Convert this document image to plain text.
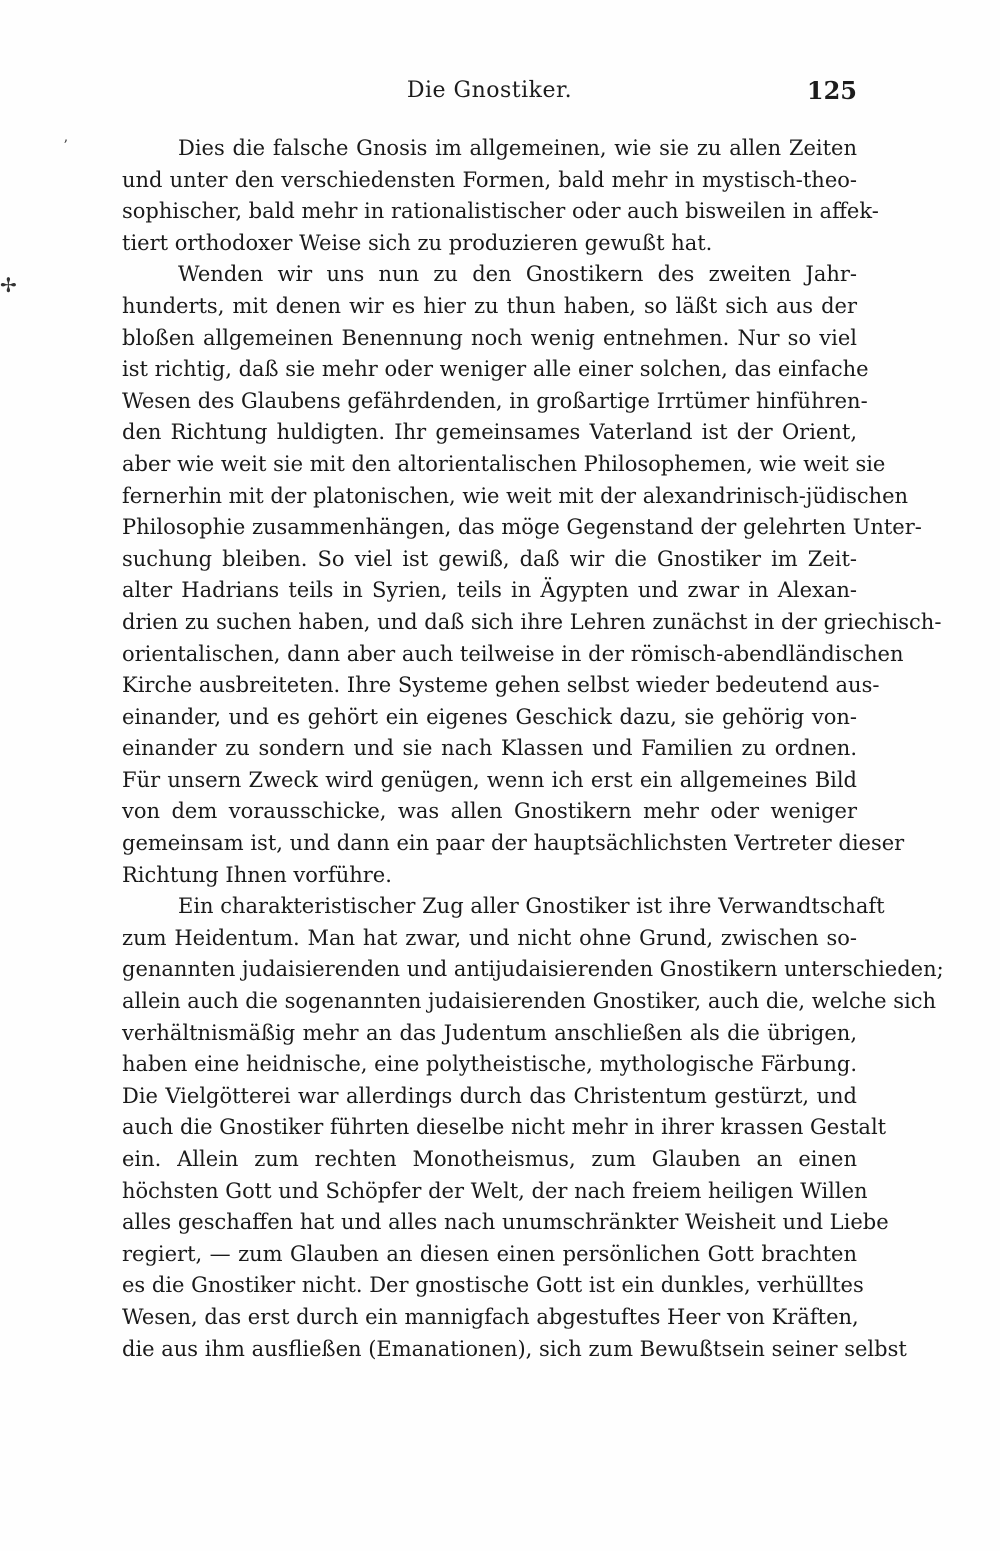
ʼ
✢
Die Gnostiker.	125
Dies die falsche Gnosis im allgemeinen, wie sie zu allen Zeiten
und unter den verschiedensten Formen, bald mehr in mystisch-theo-
sophischer, bald mehr in rationalistischer oder auch bisweilen in affek-
tiert orthodoxer Weise sich zu produzieren gewußt hat.
Wenden wir uns nun zu den Gnostikern des zweiten Jahr-
hunderts, mit denen wir es hier zu thun haben, so läßt sich aus der
bloßen allgemeinen Benennung noch wenig entnehmen. Nur so viel
ist richtig, daß sie mehr oder weniger alle einer solchen, das einfache
Wesen des Glaubens gefährdenden, in großartige Irrtümer hinführen-
den Richtung huldigten. Ihr gemeinsames Vaterland ist der Orient,
aber wie weit sie mit den altorientalischen Philosophemen, wie weit sie
fernerhin mit der platonischen, wie weit mit der alexandrinisch-jüdischen
Philosophie zusammenhängen, das möge Gegenstand der gelehrten Unter-
suchung bleiben. So viel ist gewiß, daß wir die Gnostiker im Zeit-
alter Hadrians teils in Syrien, teils in Ägypten und zwar in Alexan-
drien zu suchen haben, und daß sich ihre Lehren zunächst in der griechisch-
orientalischen, dann aber auch teilweise in der römisch-abendländischen
Kirche ausbreiteten. Ihre Systeme gehen selbst wieder bedeutend aus-
einander, und es gehört ein eigenes Geschick dazu, sie gehörig von-
einander zu sondern und sie nach Klassen und Familien zu ordnen.
Für unsern Zweck wird genügen, wenn ich erst ein allgemeines Bild
von dem vorausschicke, was allen Gnostikern mehr oder weniger
gemeinsam ist, und dann ein paar der hauptsächlichsten Vertreter dieser
Richtung Ihnen vorführe.
Ein charakteristischer Zug aller Gnostiker ist ihre Verwandtschaft
zum Heidentum. Man hat zwar, und nicht ohne Grund, zwischen so-
genannten judaisierenden und antijudaisierenden Gnostikern unterschieden;
allein auch die sogenannten judaisierenden Gnostiker, auch die, welche sich
verhältnismäßig mehr an das Judentum anschließen als die übrigen,
haben eine heidnische, eine polytheistische, mythologische Färbung.
Die Vielgötterei war allerdings durch das Christentum gestürzt, und
auch die Gnostiker führten dieselbe nicht mehr in ihrer krassen Gestalt
ein. Allein zum rechten Monotheismus, zum Glauben an einen
höchsten Gott und Schöpfer der Welt, der nach freiem heiligen Willen
alles geschaffen hat und alles nach unumschränkter Weisheit und Liebe
regiert, — zum Glauben an diesen einen persönlichen Gott brachten
es die Gnostiker nicht. Der gnostische Gott ist ein dunkles, verhülltes
Wesen, das erst durch ein mannigfach abgestuftes Heer von Kräften,
die aus ihm ausfließen (Emanationen), sich zum Bewußtsein seiner selbst
